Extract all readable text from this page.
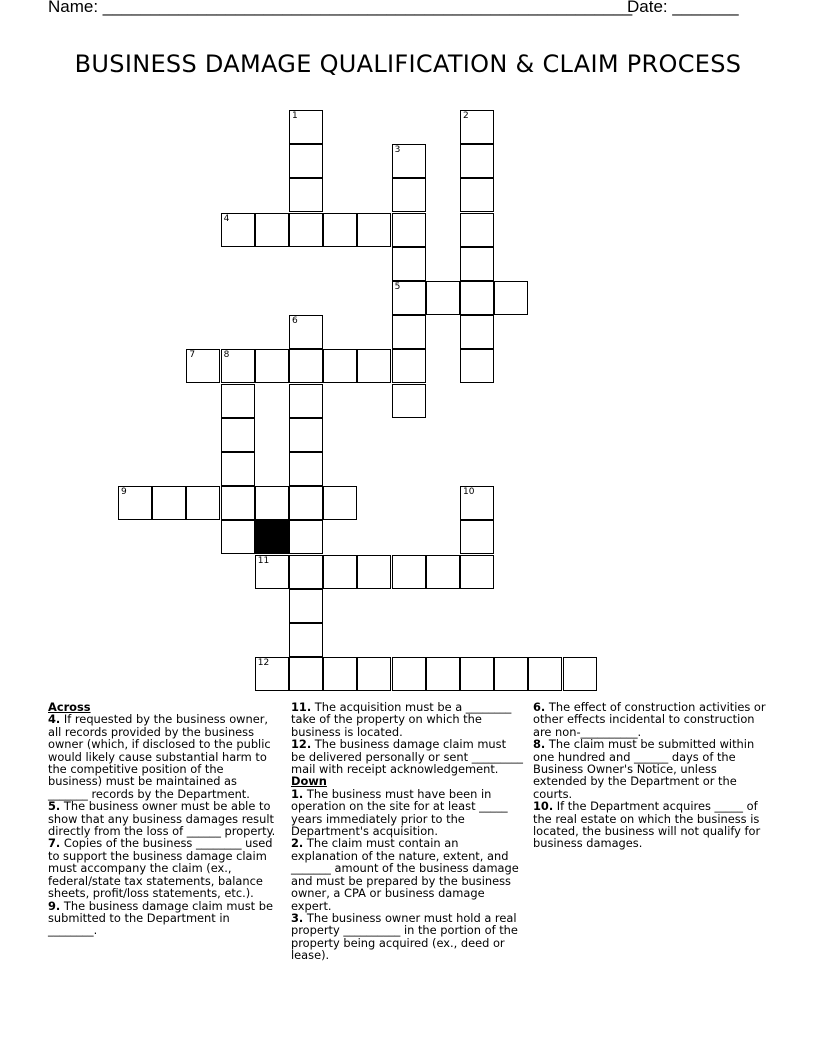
Name: ________________________________________________________
Date: _______
BUSINESS DAMAGE QUALIFICATION & CLAIM PROCESS
1	2
3
5
4
6
7	8
9	10
11
12
Across
4. If requested by the business owner, all records provided by the business owner (which, if disclosed to the public would likely cause substantial harm to the competitive position of the business) must be maintained as _______ records by the Department.
5. The business owner must be able to show that any business damages result directly from the loss of ______ property.
7. Copies of the business ________ used to support the business damage claim must accompany the claim (ex., federal/state tax statements, balance sheets, profit/loss statements, etc.).
9. The business damage claim must be submitted to the Department in ________.
11. The acquisition must be a ________ take of the property on which the business is located.
12. The business damage claim must be delivered personally or sent _________ mail with receipt acknowledgement.
Down
1. The business must have been in operation on the site for at least _____ years immediately prior to the Department's acquisition.
2. The claim must contain an explanation of the nature, extent, and _______ amount of the business damage and must be prepared by the business owner, a CPA or business damage expert.
3. The business owner must hold a real property __________ in the portion of the property being acquired (ex., deed or lease).
6. The effect of construction activities or other effects incidental to construction are non-__________.
8. The claim must be submitted within one hundred and ______ days of the Business Owner's Notice, unless extended by the Department or the courts.
10. If the Department acquires _____ of the real estate on which the business is located, the business will not qualify for business damages.
